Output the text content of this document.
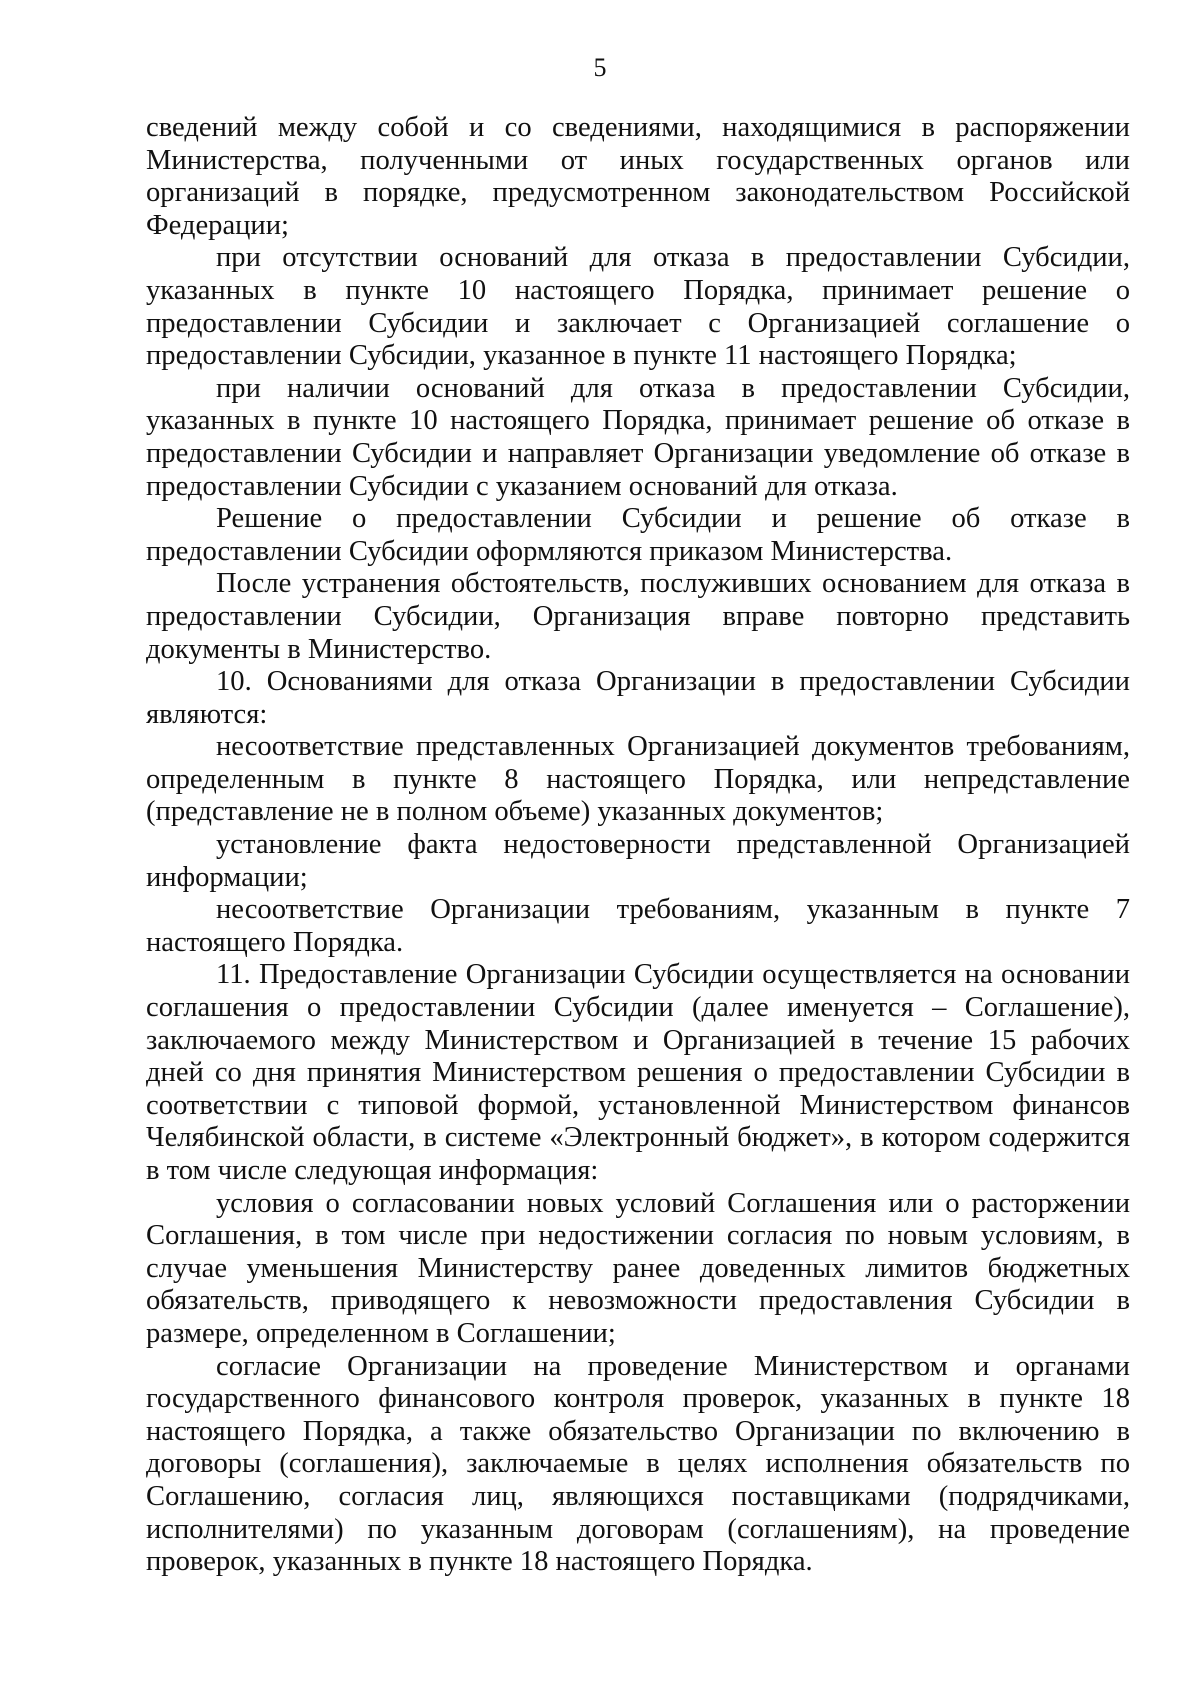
5

сведений между собой и со сведениями, находящимися в распоряжении Министерства, полученными от иных государственных органов или организаций в порядке, предусмотренном законодательством Российской Федерации;

при отсутствии оснований для отказа в предоставлении Субсидии, указанных в пункте 10 настоящего Порядка, принимает решение о предоставлении Субсидии и заключает с Организацией соглашение о предоставлении Субсидии, указанное в пункте 11 настоящего Порядка;

при наличии оснований для отказа в предоставлении Субсидии, указанных в пункте 10 настоящего Порядка, принимает решение об отказе в предоставлении Субсидии и направляет Организации уведомление об отказе в предоставлении Субсидии с указанием оснований для отказа.

Решение о предоставлении Субсидии и решение об отказе в предоставлении Субсидии оформляются приказом Министерства.

После устранения обстоятельств, послуживших основанием для отказа в предоставлении Субсидии, Организация вправе повторно представить документы в Министерство.

10. Основаниями для отказа Организации в предоставлении Субсидии являются:

несоответствие представленных Организацией документов требованиям, определенным в пункте 8 настоящего Порядка, или непредставление (представление не в полном объеме) указанных документов;

установление факта недостоверности представленной Организацией информации;

несоответствие Организации требованиям, указанным в пункте 7 настоящего Порядка.

11. Предоставление Организации Субсидии осуществляется на основании соглашения о предоставлении Субсидии (далее именуется – Соглашение), заключаемого между Министерством и Организацией в течение 15 рабочих дней со дня принятия Министерством решения о предоставлении Субсидии в соответствии с типовой формой, установленной Министерством финансов Челябинской области, в системе «Электронный бюджет», в котором содержится в том числе следующая информация:

условия о согласовании новых условий Соглашения или о расторжении Соглашения, в том числе при недостижении согласия по новым условиям, в случае уменьшения Министерству ранее доведенных лимитов бюджетных обязательств, приводящего к невозможности предоставления Субсидии в размере, определенном в Соглашении;

согласие Организации на проведение Министерством и органами государственного финансового контроля проверок, указанных в пункте 18 настоящего Порядка, а также обязательство Организации по включению в договоры (соглашения), заключаемые в целях исполнения обязательств по Соглашению, согласия лиц, являющихся поставщиками (подрядчиками, исполнителями) по указанным договорам (соглашениям), на проведение проверок, указанных в пункте 18 настоящего Порядка.
